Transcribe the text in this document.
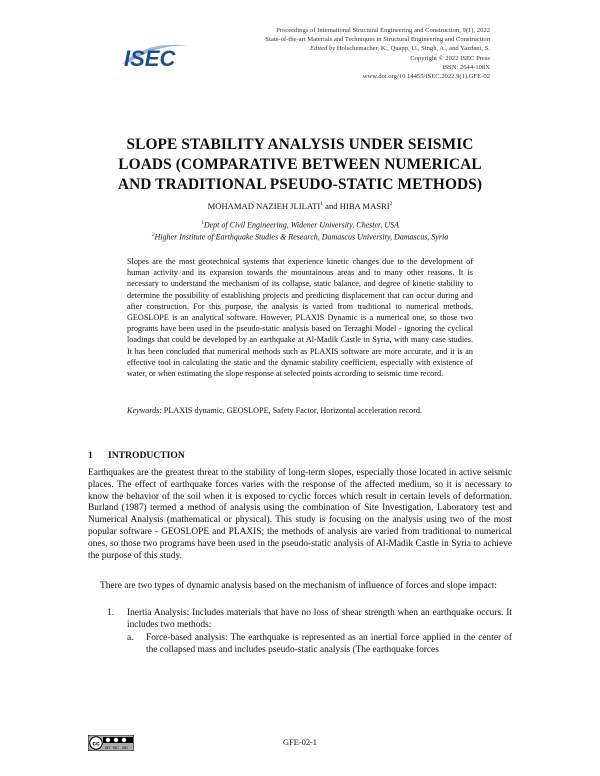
ISEC
Proceedings of International Structural Engineering and Construction, 9(1), 2022
State-of-the-art Materials and Techniques in Structural Engineering and Construction
Edited by Holschemacher, K., Quapp, U., Singh, A., and Yazdani, S.
Copyright © 2022 ISEC Press
ISSN: 2644-108X
www.doi.org/10.14455/ISEC.2022.9(1).GFE-02
SLOPE STABILITY ANALYSIS UNDER SEISMIC
LOADS (COMPARATIVE BETWEEN NUMERICAL
AND TRADITIONAL PSEUDO-STATIC METHODS)
MOHAMAD NAZIEH JLILATI$^1$ and HIBA MASRI$^2$
$^1$Dept of Civil Engineering, Widener University, Chester, USA
$^2$Higher Institute of Earthquake Studies & Research, Damascus University, Damascus, Syria
Slopes are the most geotechnical systems that experience kinetic changes due to the development of human activity and its expansion towards the mountainous areas and to many other reasons. It is necessary to understand the mechanism of its collapse, static balance, and degree of kinetic stability to determine the possibility of establishing projects and predicting displacement that can occur during and after construction. For this purpose, the analysis is varied from traditional to numerical methods. GEOSLOPE is an analytical software. However, PLAXIS Dynamic is a numerical one, so those two programs have been used in the pseudo-static analysis based on Terzaghi Model - ignoring the cyclical loadings that could be developed by an earthquake at Al-Madik Castle in Syria, with many case studies. It has been concluded that numerical methods such as PLAXIS software are more accurate, and it is an effective tool in calculating the static and the dynamic stability coefficient, especially with existence of water, or when estimating the slope response at selected points according to seismic time record.
Keywords: PLAXIS dynamic, GEOSLOPE, Safety Factor, Horizontal acceleration record.
1 INTRODUCTION
Earthquakes are the greatest threat to the stability of long-term slopes, especially those located in active seismic places. The effect of earthquake forces varies with the response of the affected medium, so it is necessary to know the behavior of the soil when it is exposed to cyclic forces which result in certain levels of deformation. Burland (1987) termed a method of analysis using the combination of Site Investigation, Laboratory test and Numerical Analysis (mathematical or physical). This study is focusing on the analysis using two of the most popular software - GEOSLOPE and PLAXIS; the methods of analysis are varied from traditional to numerical ones, so those two programs have been used in the pseudo-static analysis of Al-Madik Castle in Syria to achieve the purpose of this study.
There are two types of dynamic analysis based on the mechanism of influence of forces and slope impact:
1. Inertia Analysis: Includes materials that have no loss of shear strength when an earthquake occurs. It includes two methods:
a. Force-based analysis: The earthquake is represented as an inertial force applied in the center of the collapsed mass and includes pseudo-static analysis (The earthquake forces
cc BY NC ND
GFE-02-1
